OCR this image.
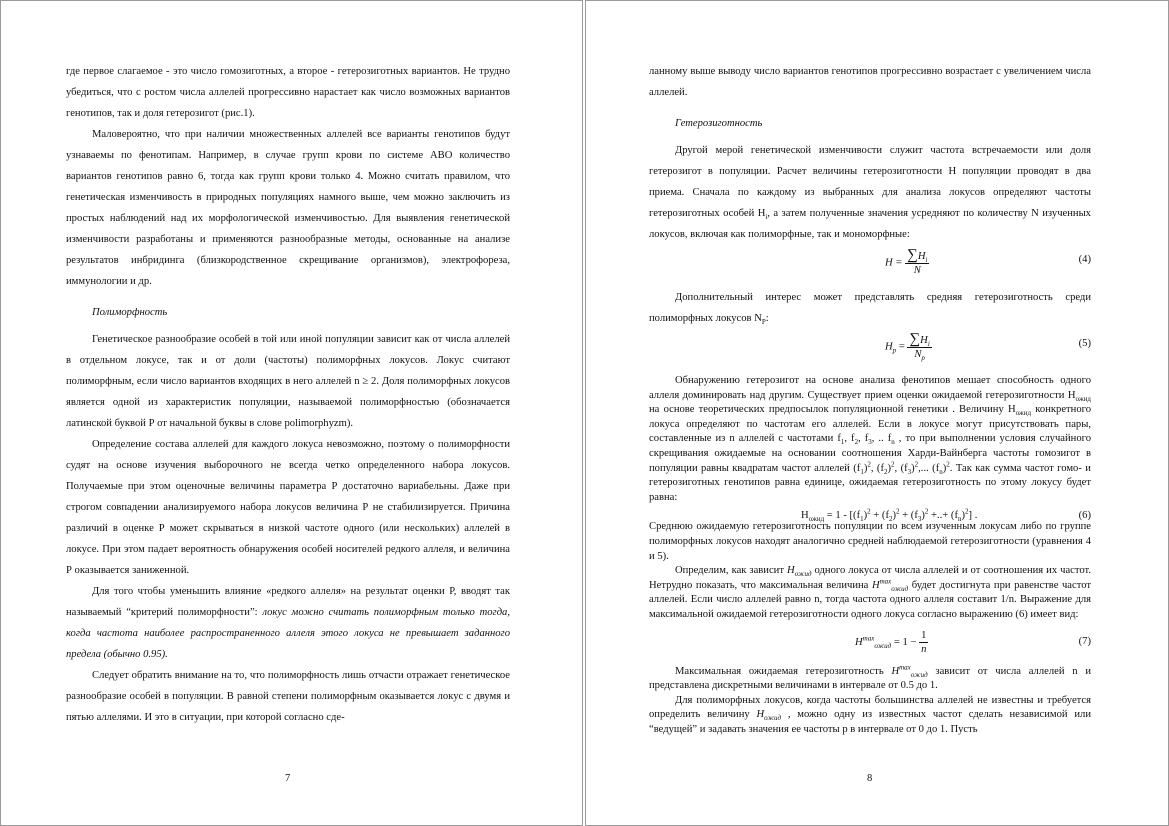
где первое слагаемое - это число гомозиготных, а второе - гетерозиготных вариантов. Не трудно убедиться, что с ростом числа аллелей прогрессивно нарастает как число возможных вариантов генотипов, так и доля гетерозигот (рис.1).

Маловероятно, что при наличии множественных аллелей все варианты генотипов будут узнаваемы по фенотипам. Например, в случае групп крови по системе АВО количество вариантов генотипов равно 6, тогда как групп крови только 4. Можно считать правилом, что генетическая изменчивость в природных популяциях намного выше, чем можно заключить из простых наблюдений над их морфологической изменчивостью. Для выявления генетической изменчивости разработаны и применяются разнообразные методы, основанные на анализе результатов инбридинга (близкородственное скрещивание организмов), электрофореза, иммунологии и др.

Полиморфность

Генетическое разнообразие особей в той или иной популяции зависит как от числа аллелей в отдельном локусе, так и от доли (частоты) полиморфных локусов. Локус считают полиморфным, если число вариантов входящих в него аллелей n ≥ 2. Доля полиморфных локусов является одной из характеристик популяции, называемой полиморфностью (обозначается латинской буквой Р от начальной буквы в слове polimorphyzm).

Определение состава аллелей для каждого локуса невозможно, поэтому о полиморфности судят на основе изучения выборочного не всегда четко определенного набора локусов. Получаемые при этом оценочные величины параметра Р достаточно вариабельны. Даже при строгом совпадении анализируемого набора локусов величина Р не стабилизируется. Причина различий в оценке Р может скрываться в низкой частоте одного (или нескольких) аллелей в локусе. При этом падает вероятность обнаружения особей носителей редкого аллеля, и величина Р оказывается заниженной.

Для того чтобы уменьшить влияние «редкого аллеля» на результат оценки Р, вводят так называемый “критерий полиморфности”: локус можно считать полиморфным только тогда, когда частота наиболее распространенного аллеля этого локуса не превышает заданного предела (обычно 0.95).

Следует обратить внимание на то, что полиморфность лишь отчасти отражает генетическое разнообразие особей в популяции. В равной степени полиморфным оказывается локус с двумя и пятью аллелями. И это в ситуации, при которой согласно сде-

7

ланному выше выводу число вариантов генотипов прогрессивно возрастает с увеличением числа аллелей.

Гетерозиготность

Другой мерой генетической изменчивости служит частота встречаемости или доля гетерозигот в популяции. Расчет величины гетерозиготности Н популяции проводят в два приема. Сначала по каждому из выбранных для анализа локусов определяют частоты гетерозиготных особей $Н_i$, а затем полученные значения усредняют по количеству N изученных локусов, включая как полиморфные, так и мономорфные:

$H = \frac{\sum H_i}{N}$	(4)

Дополнительный интерес может представлять средняя гетерозиготность среди полиморфных локусов $N_P$:

$H_p = \frac{\sum H_i}{N_p}$	(5)

Обнаружению гетерозигот на основе анализа фенотипов мешает способность одного аллеля доминировать над другим. Существует прием оценки ожидаемой гетерозиготности $Н_{ожид}$ на основе теоретических предпосылок популяционной генетики . Величину $Н_{ожид}$ конкретного локуса определяют по частотам его аллелей. Если в локусе могут присутствовать пары, составленные из n аллелей с частотами $f_1$, $f_2$, $f_3$, .. $f_n$ , то при выполнении условия случайного скрещивания ожидаемые на основании соотношения Харди-Вайнберга частоты гомозигот в популяции равны квадратам частот аллелей $(f_1)^2$, $(f_2)^2$, $(f_3)^2$,... $(f_n)^2$. Так как сумма частот гомо- и гетерозиготных генотипов равна единице, ожидаемая гетерозиготность по этому локусу будет равна:

$Н_{ожид} = 1 - [(f_1)^2 + (f_2)^2 + (f_3)^2$ +..+ $(f_n)^2$] .	(6)

Среднюю ожидаемую гетерозиготность популяции по всем изученным локусам либо по группе полиморфных локусов находят аналогично средней наблюдаемой гетерозиготности (уравнения 4 и 5).

Определим, как зависит $Н_{ожид}$ одного локуса от числа аллелей и от соотношения их частот. Нетрудно показать, что максимальная величина $H^{max}_{ожид}$ будет достигнута при равенстве частот аллелей. Если число аллелей равно n, тогда частота одного аллеля составит 1/n. Выражение для максимальной ожидаемой гетерозиготности одного локуса согласно выражению (6) имеет вид:

$H^{max}_{ожид} = 1 - \frac{1}{n}$	(7)

Максимальная ожидаемая гетерозиготность $H^{max}_{ожид}$ зависит от числа аллелей n и представлена дискретными величинами в интервале от 0.5 до 1.

Для полиморфных локусов, когда частоты большинства аллелей не известны и требуется определить величину $Н_{ожид}$ , можно одну из известных частот сделать независимой или “ведущей” и задавать значения ее частоты р в интервале от 0 до 1. Пусть

8
